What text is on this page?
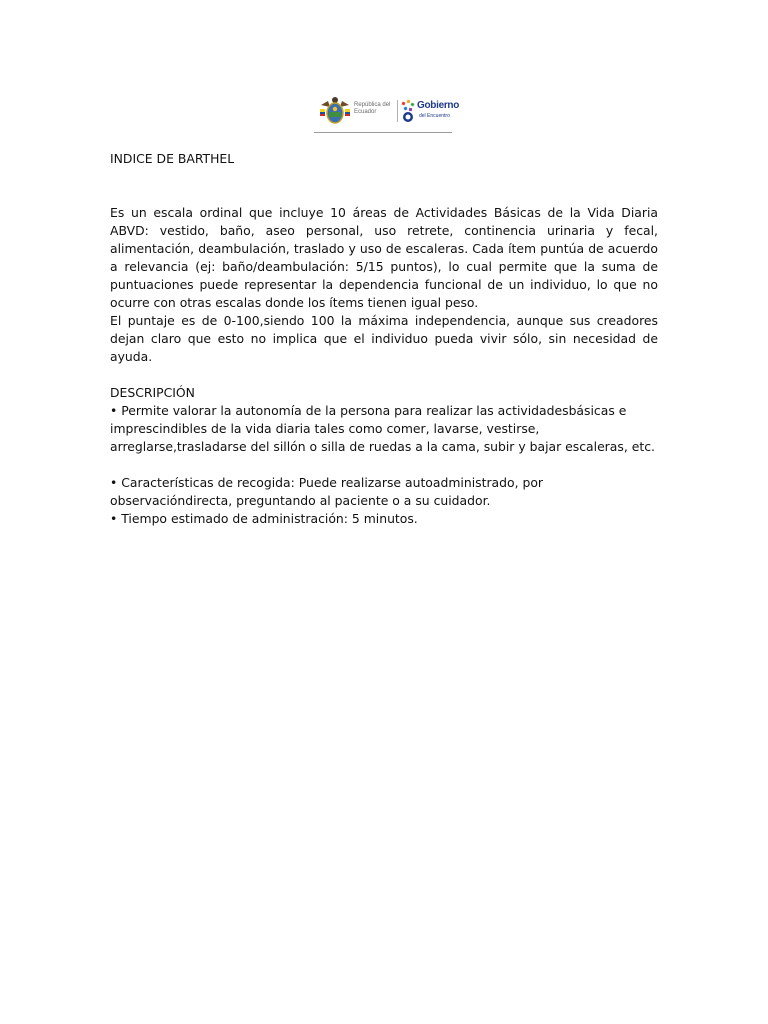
República del Ecuador
Gobierno
del Encuentro
INDICE DE BARTHEL

Es un escala ordinal que incluye 10 áreas de Actividades Básicas de la Vida Diaria ABVD: vestido, baño, aseo personal, uso retrete, continencia urinaria y fecal, alimentación, deambulación, traslado y uso de escaleras. Cada ítem puntúa de acuerdo a relevancia (ej: baño/deambulación: 5/15 puntos), lo cual permite que la suma de puntuaciones puede representar la dependencia funcional de un individuo, lo que no ocurre con otras escalas donde los ítems tienen igual peso.

El puntaje es de 0-100,siendo 100 la máxima independencia, aunque sus creadores dejan claro que esto no implica que el individuo pueda vivir sólo, sin necesidad de ayuda.

DESCRIPCIÓN

• Permite valorar la autonomía de la persona para realizar las actividadesbásicas e imprescindibles de la vida diaria tales como comer, lavarse, vestirse, arreglarse,trasladarse del sillón o silla de ruedas a la cama, subir y bajar escaleras, etc.

• Características de recogida: Puede realizarse autoadministrado, por observacióndirecta, preguntando al paciente o a su cuidador.

• Tiempo estimado de administración: 5 minutos.
